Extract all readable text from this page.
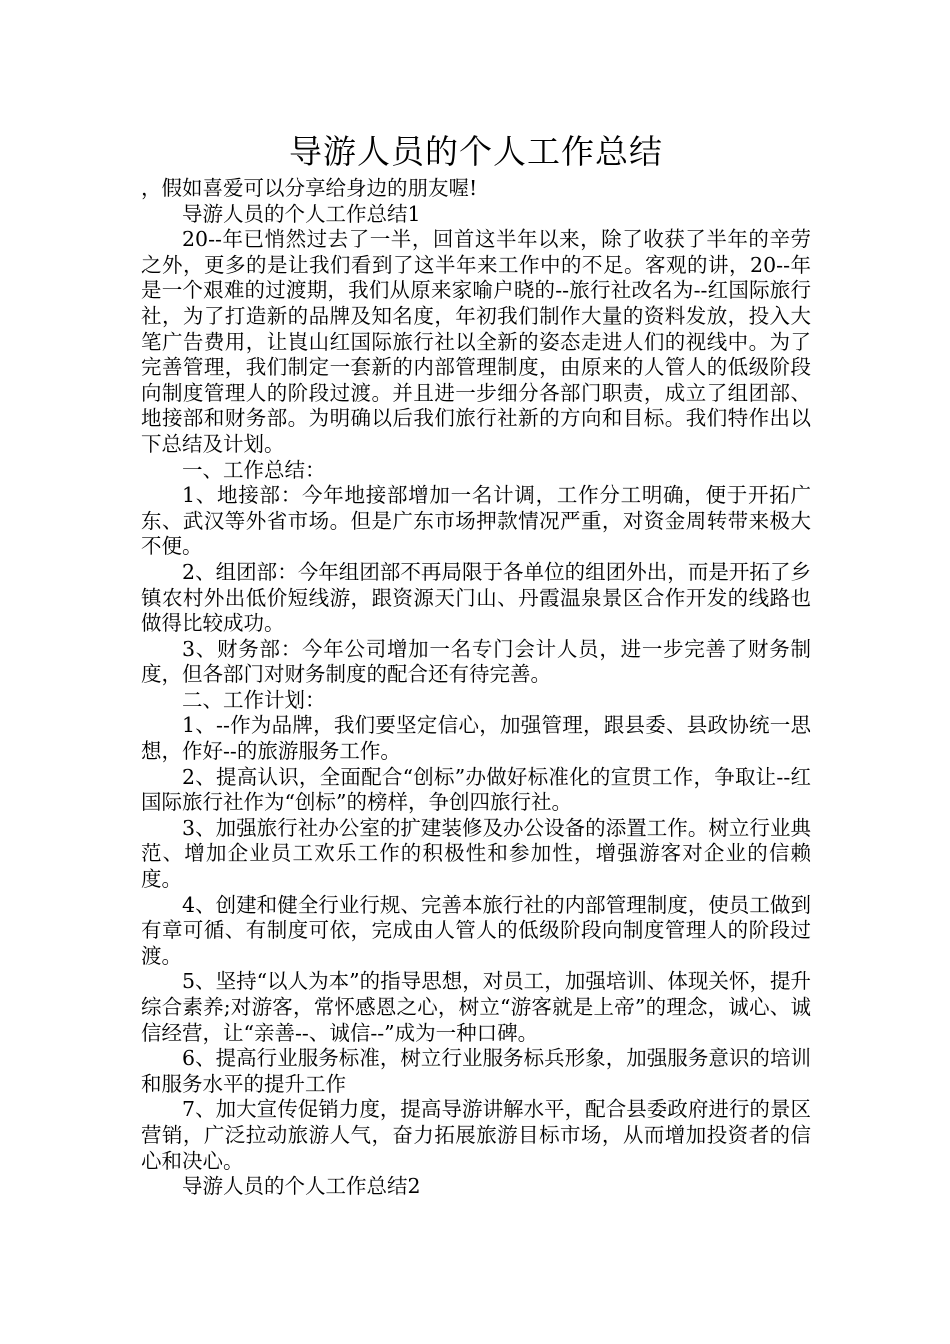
导游人员的个人工作总结

，假如喜爱可以分享给身边的朋友喔!

导游人员的个人工作总结1

20--年已悄然过去了一半，回首这半年以来，除了收获了半年的辛劳之外，更多的是让我们看到了这半年来工作中的不足。客观的讲，20--年是一个艰难的过渡期，我们从原来家喻户晓的--旅行社改名为--红国际旅行社，为了打造新的品牌及知名度，年初我们制作大量的资料发放，投入大笔广告费用，让崀山红国际旅行社以全新的姿态走进人们的视线中。为了完善管理，我们制定一套新的内部管理制度，由原来的人管人的低级阶段向制度管理人的阶段过渡。并且进一步细分各部门职责，成立了组团部、地接部和财务部。为明确以后我们旅行社新的方向和目标。我们特作出以下总结及计划。

一、工作总结：

1、地接部：今年地接部增加一名计调，工作分工明确，便于开拓广东、武汉等外省市场。但是广东市场押款情况严重，对资金周转带来极大不便。

2、组团部：今年组团部不再局限于各单位的组团外出，而是开拓了乡镇农村外出低价短线游，跟资源天门山、丹霞温泉景区合作开发的线路也做得比较成功。

3、财务部：今年公司增加一名专门会计人员，进一步完善了财务制度，但各部门对财务制度的配合还有待完善。

二、工作计划：

1、--作为品牌，我们要坚定信心，加强管理，跟县委、县政协统一思想，作好--的旅游服务工作。

2、提高认识，全面配合“创标”办做好标准化的宣贯工作，争取让--红国际旅行社作为“创标”的榜样，争创四旅行社。

3、加强旅行社办公室的扩建装修及办公设备的添置工作。树立行业典范、增加企业员工欢乐工作的积极性和参加性，增强游客对企业的信赖度。

4、创建和健全行业行规、完善本旅行社的内部管理制度，使员工做到有章可循、有制度可依，完成由人管人的低级阶段向制度管理人的阶段过渡。

5、坚持“以人为本”的指导思想，对员工，加强培训、体现关怀，提升综合素养;对游客，常怀感恩之心，树立“游客就是上帝”的理念，诚心、诚信经营，让“亲善--、诚信--”成为一种口碑。

6、提高行业服务标准，树立行业服务标兵形象，加强服务意识的培训和服务水平的提升工作

7、加大宣传促销力度，提高导游讲解水平，配合县委政府进行的景区营销，广泛拉动旅游人气，奋力拓展旅游目标市场，从而增加投资者的信心和决心。

导游人员的个人工作总结2
